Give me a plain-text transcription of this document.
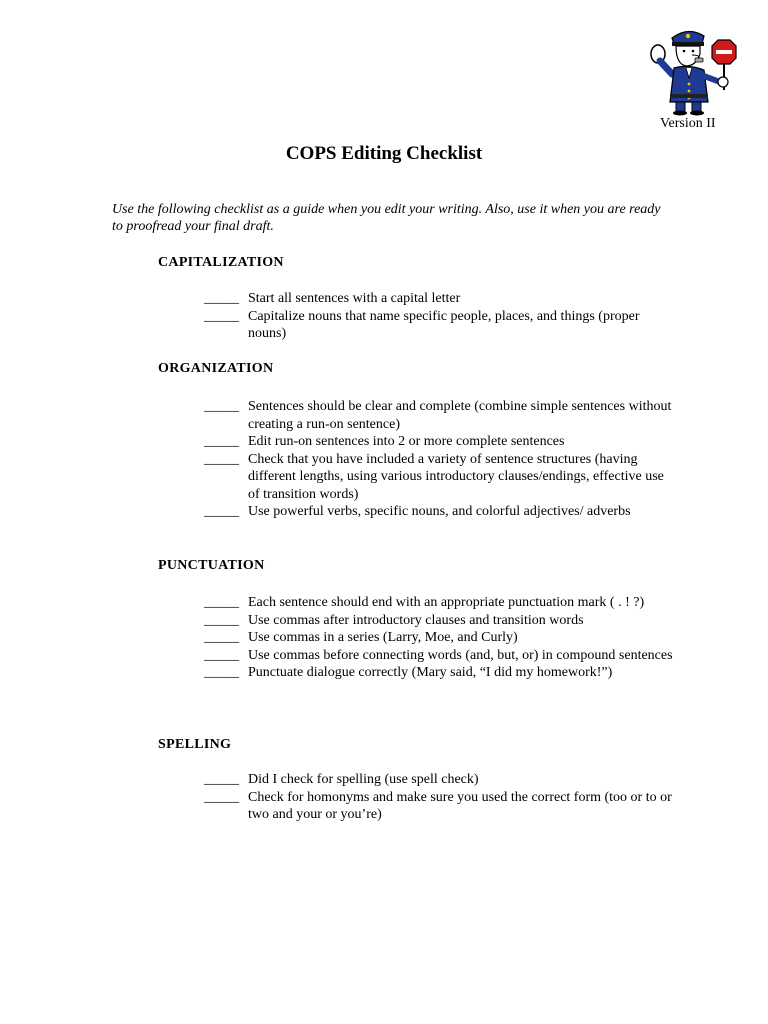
Version II
COPS Editing Checklist
Use the following checklist as a guide when you edit your writing. Also, use it when you are ready to proofread your final draft.
CAPITALIZATION
_____ Start all sentences with a capital letter
_____ Capitalize nouns that name specific people, places, and things (proper nouns)
ORGANIZATION
_____ Sentences should be clear and complete (combine simple sentences without creating a run-on sentence)
_____ Edit run-on sentences into 2 or more complete sentences
_____ Check that you have included a variety of sentence structures (having different lengths, using various introductory clauses/endings, effective use of transition words)
_____ Use powerful verbs, specific nouns, and colorful adjectives/ adverbs
PUNCTUATION
_____ Each sentence should end with an appropriate punctuation mark ( . ! ?)
_____ Use commas after introductory clauses and transition words
_____ Use commas in a series (Larry, Moe, and Curly)
_____ Use commas before connecting words (and, but, or) in compound sentences
_____ Punctuate dialogue correctly (Mary said, “I did my homework!”)
SPELLING
_____ Did I check for spelling (use spell check)
_____ Check for homonyms and make sure you used the correct form (too or to or two and your or you’re)
